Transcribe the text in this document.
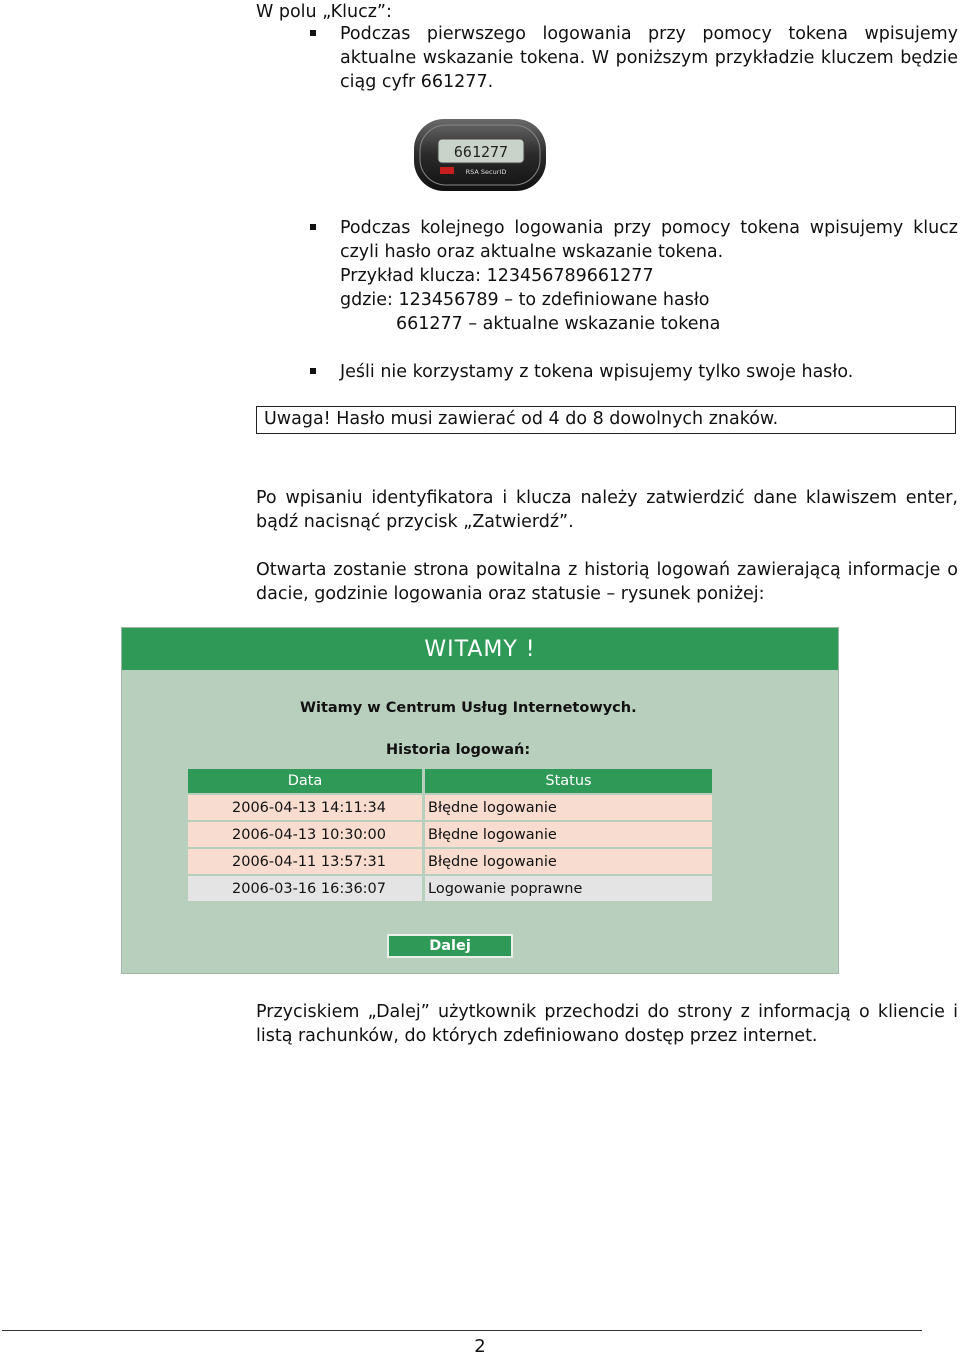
W polu „Klucz”:
Podczas pierwszego logowania przy pomocy tokena wpisujemy
aktualne wskazanie tokena. W poniższym przykładzie kluczem będzie
ciąg cyfr 661277.
661277
RSA SecurID
Podczas kolejnego logowania przy pomocy tokena wpisujemy klucz
czyli hasło oraz aktualne wskazanie tokena.
Przykład klucza: 123456789661277
gdzie: 123456789 – to zdefiniowane hasło
661277 – aktualne wskazanie tokena
Jeśli nie korzystamy z tokena wpisujemy tylko swoje hasło.
Uwaga! Hasło musi zawierać od 4 do 8 dowolnych znaków.
Po wpisaniu identyfikatora i klucza należy zatwierdzić dane klawiszem enter,
bądź nacisnąć przycisk „Zatwierdź”.
Otwarta zostanie strona powitalna z historią logowań zawierającą informacje o
dacie, godzinie logowania oraz statusie – rysunek poniżej:
WITAMY !
Witamy w Centrum Usług Internetowych.
Historia logowań:
Data	Status
2006-04-13 14:11:34	Błędne logowanie
2006-04-13 10:30:00	Błędne logowanie
2006-04-11 13:57:31	Błędne logowanie
2006-03-16 16:36:07	Logowanie poprawne
Dalej
Przyciskiem „Dalej” użytkownik przechodzi do strony z informacją o kliencie i
listą rachunków, do których zdefiniowano dostęp przez internet.
2
